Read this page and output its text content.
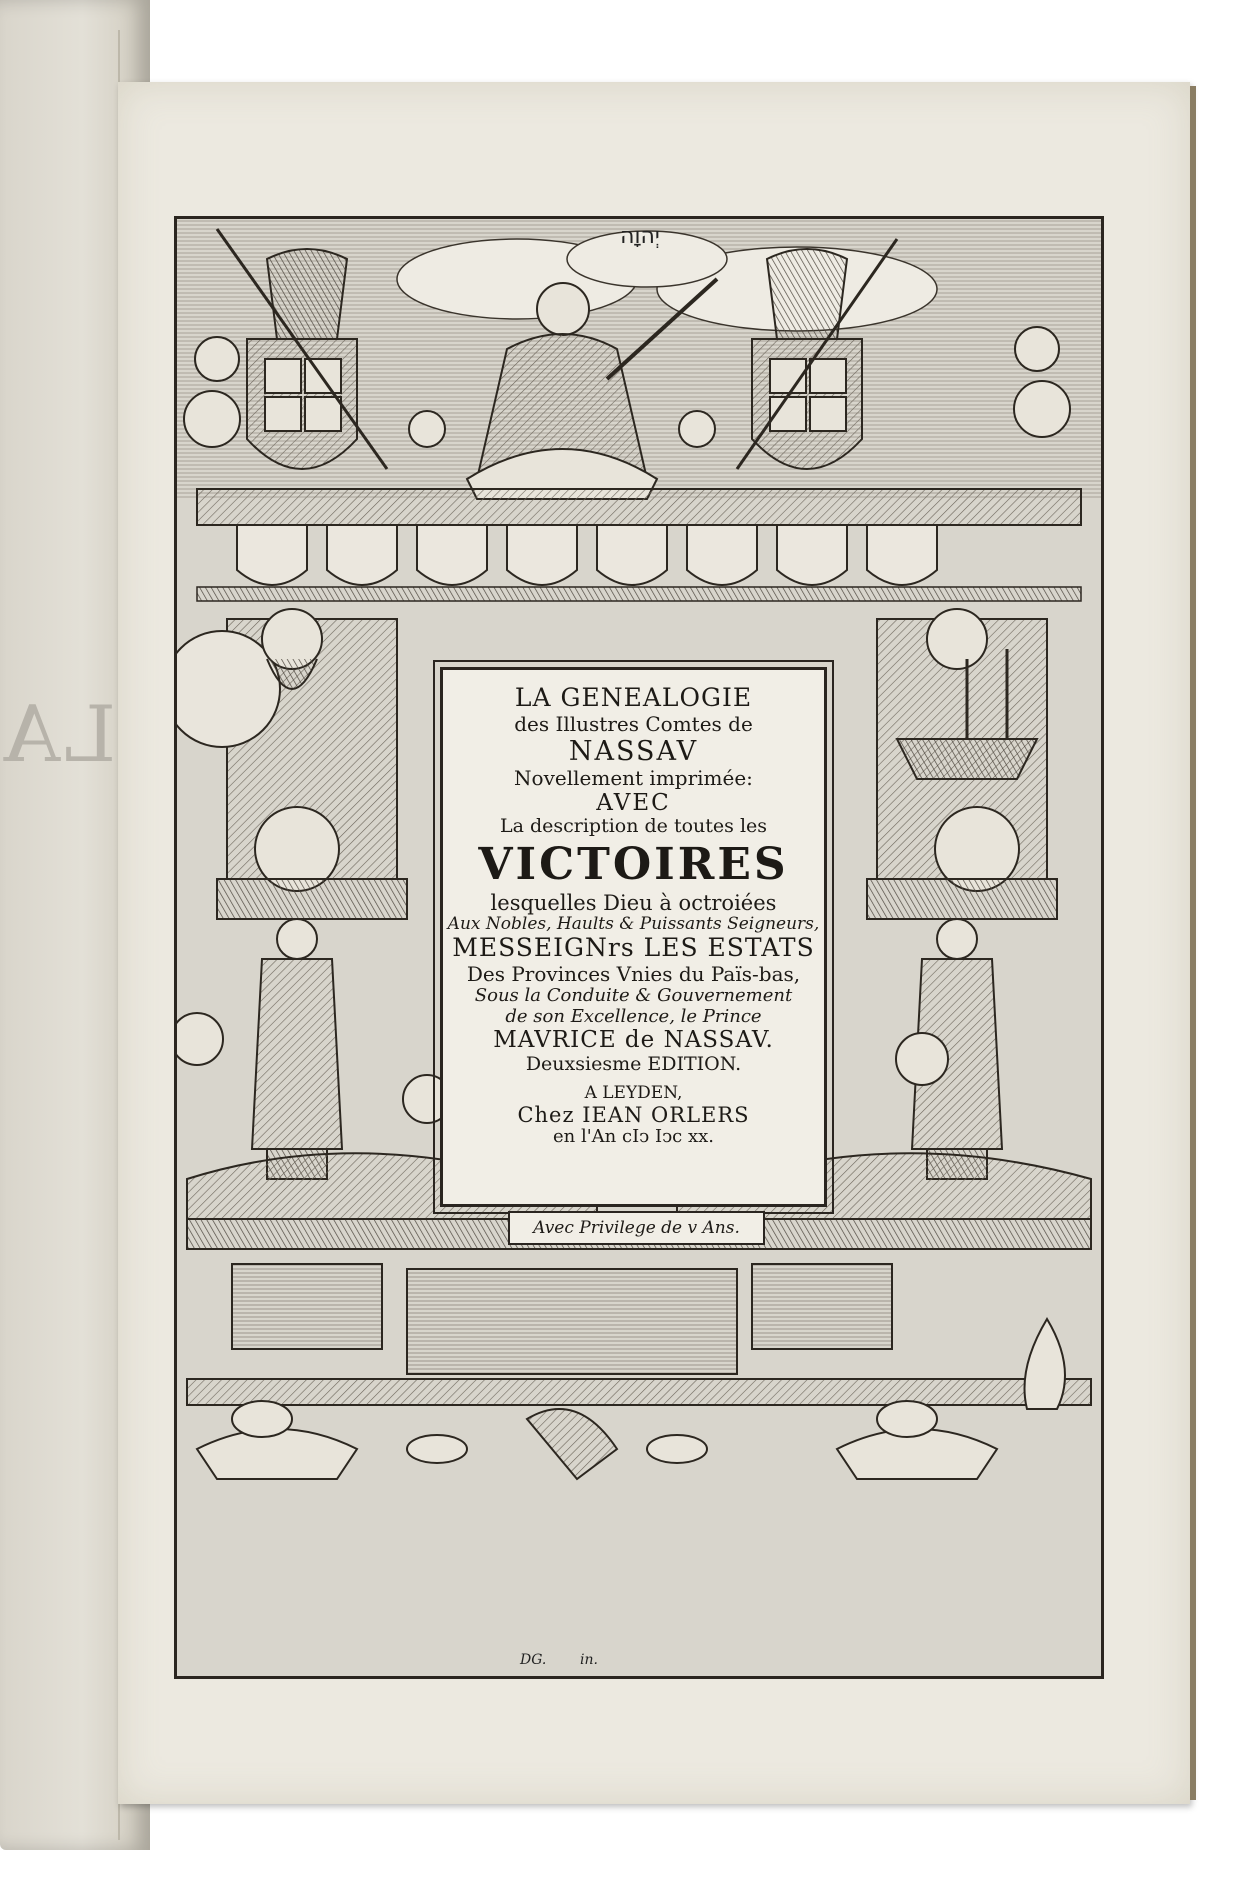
LA
יְהוָה
LA GENEALOGIE
des Illustres Comtes de
NASSAV
Novellement imprimée:
AVEC
La description de toutes les
VICTOIRES
lesquelles Dieu à octroiées
Aux Nobles, Haults & Puissants Seigneurs,
MESSEIGNrs LES ESTATS
Des Provinces Vnies du Païs-bas,
Sous la Conduite & Gouvernement
de son Excellence, le Prince
MAVRICE de NASSAV.
Deuxsiesme EDITION.
A LEYDEN,
Chez IEAN ORLERS
en l'An cIↄ Iↄc xx.
Avec Privilege de v Ans.
DG. in.
